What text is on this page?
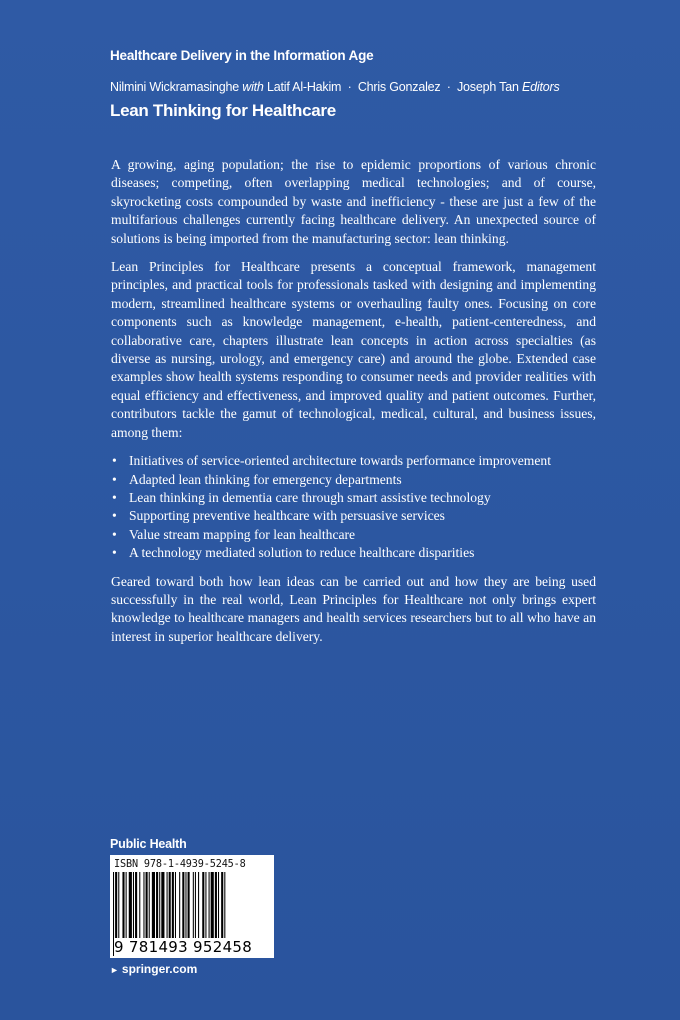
Healthcare Delivery in the Information Age
Nilmini Wickramasinghe with Latif Al-Hakim · Chris Gonzalez · Joseph Tan Editors
Lean Thinking for Healthcare

A growing, aging population; the rise to epidemic proportions of various chronic diseases; competing, often overlapping medical technologies; and of course, skyrocketing costs compounded by waste and inefficiency - these are just a few of the multifarious challenges currently facing healthcare delivery. An unexpected source of solutions is being imported from the manufacturing sector: lean thinking.

Lean Principles for Healthcare presents a conceptual framework, management principles, and practical tools for professionals tasked with designing and implementing modern, streamlined healthcare systems or overhauling faulty ones. Focusing on core components such as knowledge management, e-health, patient-centeredness, and collaborative care, chapters illustrate lean concepts in action across specialties (as diverse as nursing, urology, and emergency care) and around the globe. Extended case examples show health systems responding to consumer needs and provider realities with equal efficiency and effectiveness, and improved quality and patient outcomes. Further, contributors tackle the gamut of technological, medical, cultural, and business issues, among them:

• Initiatives of service-oriented architecture towards performance improvement
• Adapted lean thinking for emergency departments
• Lean thinking in dementia care through smart assistive technology
• Supporting preventive healthcare with persuasive services
• Value stream mapping for lean healthcare
• A technology mediated solution to reduce healthcare disparities

Geared toward both how lean ideas can be carried out and how they are being used successfully in the real world, Lean Principles for Healthcare not only brings expert knowledge to healthcare managers and health services researchers but to all who have an interest in superior healthcare delivery.

Public Health
ISBN 978-1-4939-5245-8
9 781493 952458
► springer.com
